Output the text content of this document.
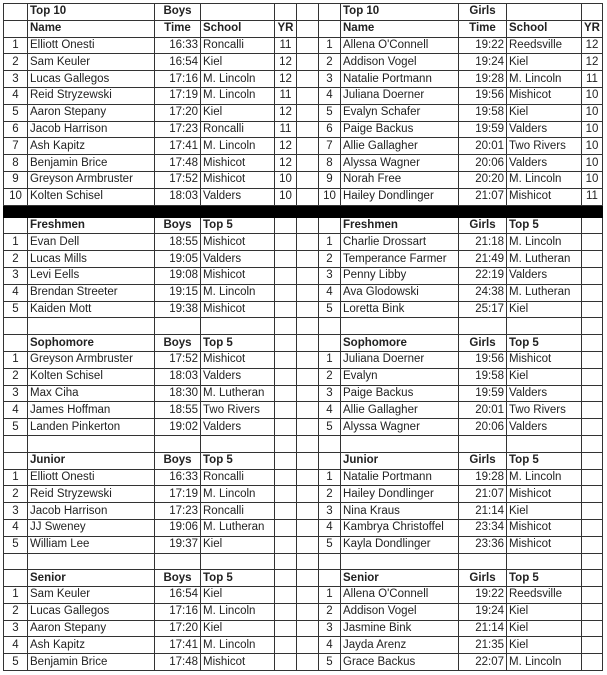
	Top 10	Boys					Top 10	Girls		
	Name	Time	School	YR			Name	Time	School	YR
1	Elliott Onesti	16:33	Roncalli	11		1	Allena O'Connell	19:22	Reedsville	12
2	Sam Keuler	16:54	Kiel	12		2	Addison Vogel	19:24	Kiel	12
3	Lucas Gallegos	17:16	M. Lincoln	12		3	Natalie Portmann	19:28	M. Lincoln	11
4	Reid Stryzewski	17:19	M. Lincoln	11		4	Juliana Doerner	19:56	Mishicot	10
5	Aaron Stepany	17:20	Kiel	12		5	Evalyn Schafer	19:58	Kiel	10
6	Jacob Harrison	17:23	Roncalli	11		6	Paige Backus	19:59	Valders	10
7	Ash Kapitz	17:41	M. Lincoln	12		7	Allie Gallagher	20:01	Two Rivers	10
8	Benjamin Brice	17:48	Mishicot	12		8	Alyssa Wagner	20:06	Valders	10
9	Greyson Armbruster	17:52	Mishicot	10		9	Norah Free	20:20	M. Lincoln	10
10	Kolten Schisel	18:03	Valders	10		10	Hailey Dondlinger	21:07	Mishicot	11

	Freshmen	Boys	Top 5				Freshmen	Girls	Top 5	
1	Evan Dell	18:55	Mishicot			1	Charlie Drossart	21:18	M. Lincoln	
2	Lucas Mills	19:05	Valders			2	Temperance Farmer	21:49	M. Lutheran	
3	Levi Eells	19:08	Mishicot			3	Penny Libby	22:19	Valders	
4	Brendan Streeter	19:15	M. Lincoln			4	Ava Glodowski	24:38	M. Lutheran	
5	Kaiden Mott	19:38	Mishicot			5	Loretta Bink	25:17	Kiel	

	Sophomore	Boys	Top 5				Sophomore	Girls	Top 5	
1	Greyson Armbruster	17:52	Mishicot			1	Juliana Doerner	19:56	Mishicot	
2	Kolten Schisel	18:03	Valders			2	Evalyn	19:58	Kiel	
3	Max Ciha	18:30	M. Lutheran			3	Paige Backus	19:59	Valders	
4	James Hoffman	18:55	Two Rivers			4	Allie Gallagher	20:01	Two Rivers	
5	Landen Pinkerton	19:02	Valders			5	Alyssa Wagner	20:06	Valders	

	Junior	Boys	Top 5				Junior	Girls	Top 5	
1	Elliott Onesti	16:33	Roncalli			1	Natalie Portmann	19:28	M. Lincoln	
2	Reid Stryzewski	17:19	M. Lincoln			2	Hailey Dondlinger	21:07	Mishicot	
3	Jacob Harrison	17:23	Roncalli			3	Nina Kraus	21:14	Kiel	
4	JJ Sweney	19:06	M. Lutheran			4	Kambrya Christoffel	23:34	Mishicot	
5	William Lee	19:37	Kiel			5	Kayla Dondlinger	23:36	Mishicot	

	Senior	Boys	Top 5				Senior	Girls	Top 5	
1	Sam Keuler	16:54	Kiel			1	Allena O'Connell	19:22	Reedsville	
2	Lucas Gallegos	17:16	M. Lincoln			2	Addison Vogel	19:24	Kiel	
3	Aaron Stepany	17:20	Kiel			3	Jasmine Bink	21:14	Kiel	
4	Ash Kapitz	17:41	M. Lincoln			4	Jayda Arenz	21:35	Kiel	
5	Benjamin Brice	17:48	Mishicot			5	Grace Backus	22:07	M. Lincoln	
